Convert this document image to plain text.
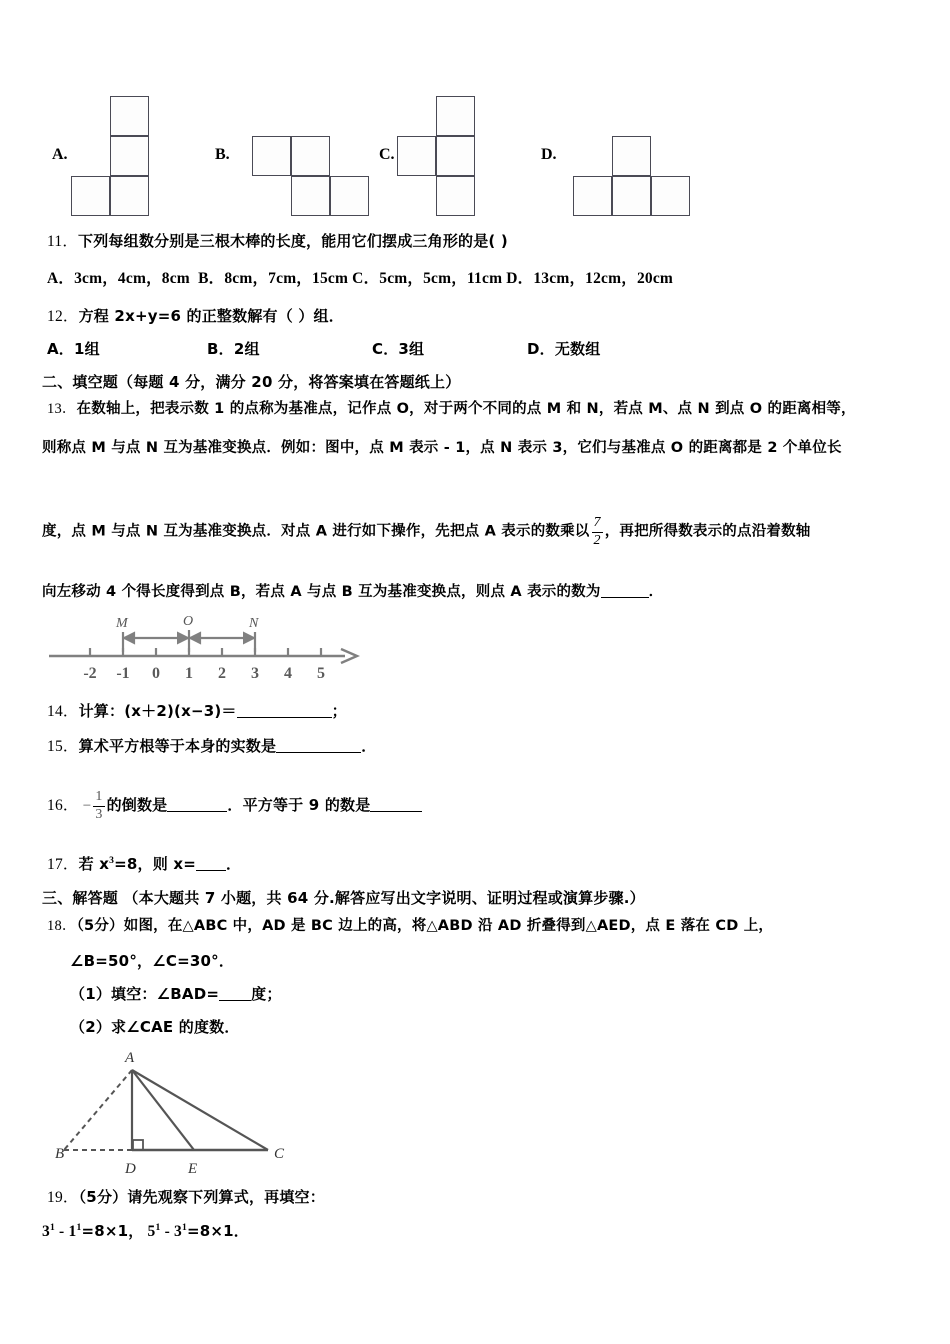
A.	B.	C.	D.
11．下列每组数分别是三根木棒的长度，能用它们摆成三角形的是( )
A．3cm，4cm，8cm B．8cm，7cm，15cm C．5cm，5cm，11cm D．13cm，12cm，20cm
12．方程 2x+y=6 的正整数解有（ ）组．
A．1组	B．2组	C．3组	D．无数组
二、填空题（每题 4 分，满分 20 分，将答案填在答题纸上）
13．在数轴上，把表示数 1 的点称为基准点，记作点 O，对于两个不同的点 M 和 N，若点 M、点 N 到点 O 的距离相等，
则称点 M 与点 N 互为基准变换点．例如：图中，点 M 表示 - 1，点 N 表示 3，它们与基准点 O 的距离都是 2 个单位长
度，点 M 与点 N 互为基准变换点．对点 A 进行如下操作，先把点 A 表示的数乘以 $\frac{7}{2}$ ，再把所得数表示的点沿着数轴
向左移动 4 个得长度得到点 B，若点 A 与点 B 互为基准变换点，则点 A 表示的数为	．
M	O	N
-2 -1 0 1 2 3 4 5
14．计算：(x＋2)(x−3)＝	；
15．算术平方根等于本身的实数是	．
16． − $\frac{1}{3}$ 的倒数是	．平方等于 9 的数是
17．若 $x^3=8$，则 x= ．
三、解答题 （本大题共 7 小题，共 64 分.解答应写出文字说明、证明过程或演算步骤.）
18．（5分）如图，在△ABC 中，AD 是 BC 边上的高，将△ABD 沿 AD 折叠得到△AED，点 E 落在 CD 上，
∠B=50°，∠C=30°．
（1）填空：∠BAD= 度；
（2）求∠CAE 的度数．
A
B
D	E
C
19．（5分）请先观察下列算式，再填空：
$3^1 - 1^1=8\times 1$， $5^1 - 3^1=8\times 1$．
